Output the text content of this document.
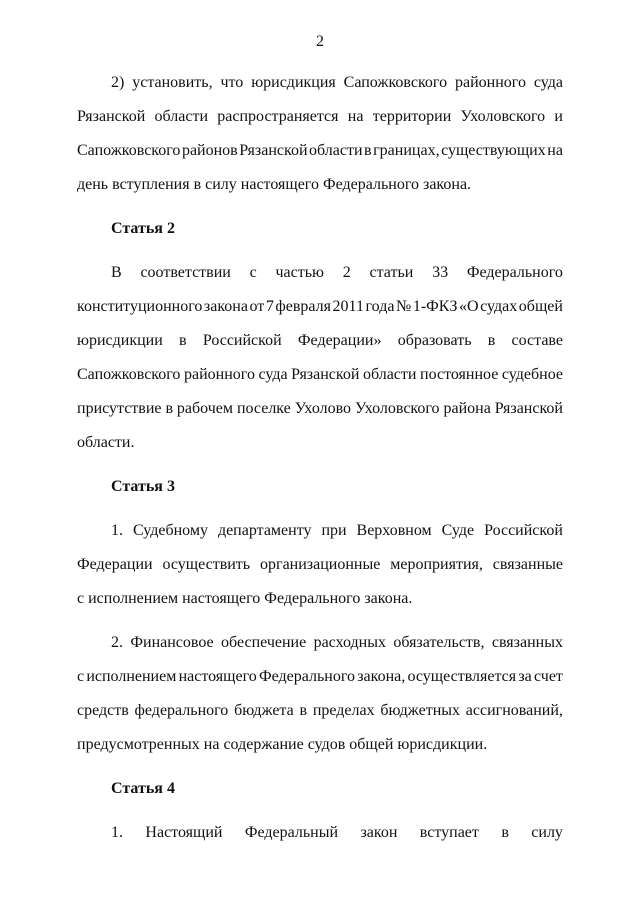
2
2) установить, что юрисдикция Сапожковского районного суда
Рязанской области распространяется на территории Ухоловского и
Сапожковского районов Рязанской области в границах, существующих на
день вступления в силу настоящего Федерального закона.
Статья 2
В соответствии с частью 2 статьи 33 Федерального
конституционного закона от 7 февраля 2011 года № 1-ФКЗ «О судах общей
юрисдикции в Российской Федерации» образовать в составе
Сапожковского районного суда Рязанской области постоянное судебное
присутствие в рабочем поселке Ухолово Ухоловского района Рязанской
области.
Статья 3
1. Судебному департаменту при Верховном Суде Российской
Федерации осуществить организационные мероприятия, связанные
с исполнением настоящего Федерального закона.
2. Финансовое обеспечение расходных обязательств, связанных
с исполнением настоящего Федерального закона, осуществляется за счет
средств федерального бюджета в пределах бюджетных ассигнований,
предусмотренных на содержание судов общей юрисдикции.
Статья 4
1. Настоящий Федеральный закон вступает в силу
